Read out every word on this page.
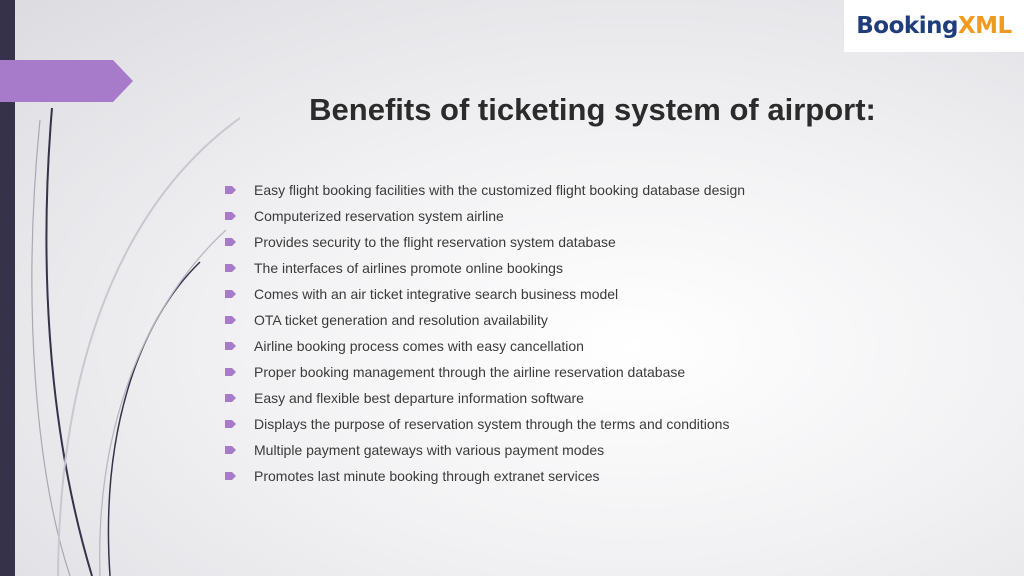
Booking XML
Benefits of ticketing system of airport:
Easy flight booking facilities with the customized flight booking database design
Computerized reservation system airline
Provides security to the flight reservation system database
The interfaces of airlines promote online bookings
Comes with an air ticket integrative search business model
OTA ticket generation and resolution availability
Airline booking process comes with easy cancellation
Proper booking management through the airline reservation database
Easy and flexible best departure information software
Displays the purpose of reservation system through the terms and conditions
Multiple payment gateways with various payment modes
Promotes last minute booking through extranet services
